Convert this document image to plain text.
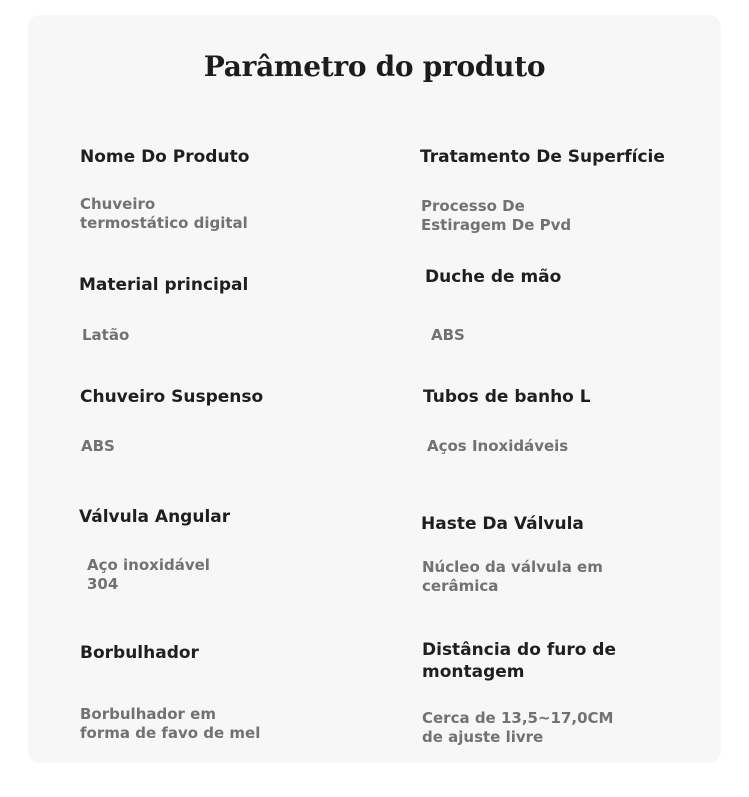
Parâmetro do produto
Nome Do Produto
Chuveiro
termostático digital
Tratamento De Superfície
Processo De
Estiragem De Pvd
Material principal
Latão
Duche de mão
ABS
Chuveiro Suspenso
ABS
Tubos de banho L
Aços Inoxidáveis
Válvula Angular
Aço inoxidável
304
Haste Da Válvula
Núcleo da válvula em
cerâmica
Borbulhador
Borbulhador em
forma de favo de mel
Distância do furo de
montagem
Cerca de 13,5~17,0CM
de ajuste livre
